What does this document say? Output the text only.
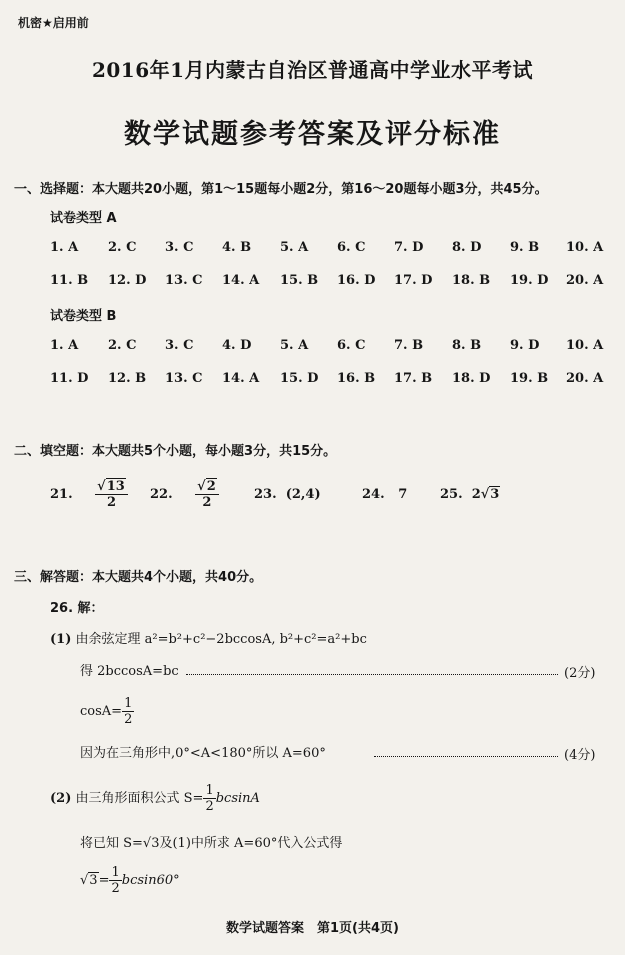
机密★启用前
2016年1月内蒙古自治区普通高中学业水平考试
数学试题参考答案及评分标准
一、选择题：本大题共20小题，第1～15题每小题2分，第16～20题每小题3分，共45分。
试卷类型 A
1. A 2. C 3. C 4. B 5. A 6. C 7. D 8. D 9. B 10. A
11. B 12. D 13. C 14. A 15. B 16. D 17. D 18. B 19. D 20. A
试卷类型 B
1. A 2. C 3. C 4. D 5. A 6. C 7. B 8. B 9. D 10. A
11. D 12. B 13. C 14. A 15. D 16. B 17. B 18. D 19. B 20. A
二、填空题：本大题共5个小题，每小题3分，共15分。
21. $\frac{√13}{2} 22$. $\frac{√2}{2}$	23. (2,4)	24. 7	25. 2√3
三、解答题：本大题共4个小题，共40分。
26. 解：
(1) 由余弦定理 a²=b²+c²−2bccosA, b²+c²=a²+bc
得 2bccosA=bc	(2分)
$\cos A= \frac{1}{2}$
因为在三角形中,0°<A<180°所以 A=60°	(4分)
(2) 由三角形面积公式 $S= \frac{1}{2}$ bcsinA
将已知 S=√3及(1)中所求 A=60°代入公式得
$√3= \frac{1}{2} bcsin60^\circ$
数学试题答案　第1页(共4页)
